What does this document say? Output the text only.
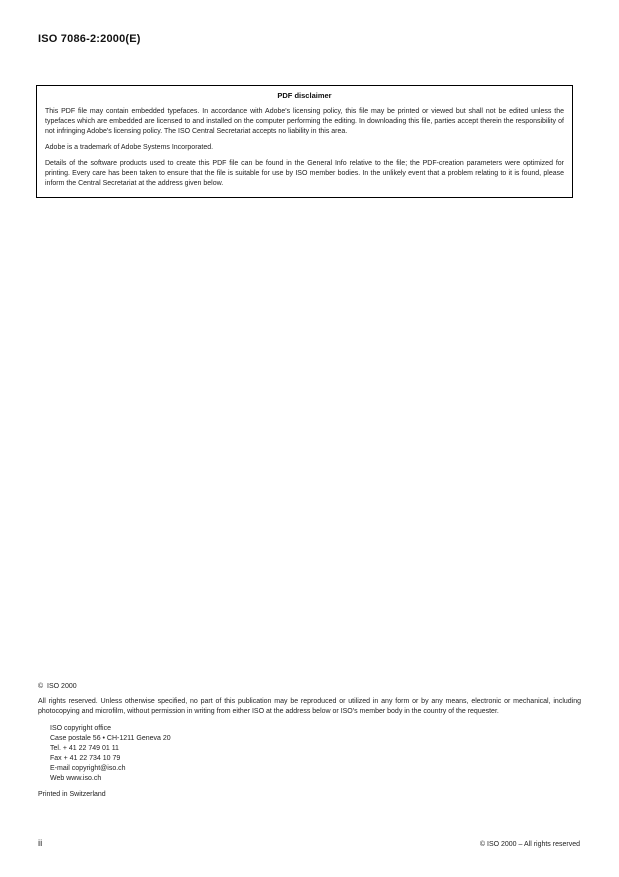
ISO 7086-2:2000(E)
PDF disclaimer

This PDF file may contain embedded typefaces. In accordance with Adobe's licensing policy, this file may be printed or viewed but shall not be edited unless the typefaces which are embedded are licensed to and installed on the computer performing the editing. In downloading this file, parties accept therein the responsibility of not infringing Adobe's licensing policy. The ISO Central Secretariat accepts no liability in this area.

Adobe is a trademark of Adobe Systems Incorporated.

Details of the software products used to create this PDF file can be found in the General Info relative to the file; the PDF-creation parameters were optimized for printing. Every care has been taken to ensure that the file is suitable for use by ISO member bodies. In the unlikely event that a problem relating to it is found, please inform the Central Secretariat at the address given below.

©  ISO 2000

All rights reserved. Unless otherwise specified, no part of this publication may be reproduced or utilized in any form or by any means, electronic or mechanical, including photocopying and microfilm, without permission in writing from either ISO at the address below or ISO's member body in the country of the requester.

ISO copyright office
Case postale 56 • CH-1211 Geneva 20
Tel. + 41 22 749 01 11
Fax + 41 22 734 10 79
E-mail copyright@iso.ch
Web www.iso.ch
Printed in Switzerland
ii	© ISO 2000 – All rights reserved
